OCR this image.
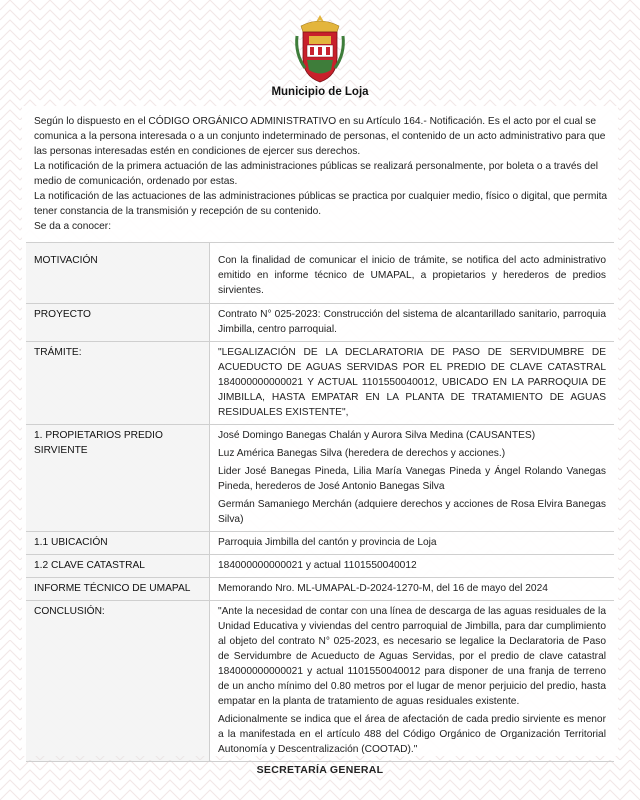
Municipio de Loja

Según lo dispuesto en el CÓDIGO ORGÁNICO ADMINISTRATIVO en su Artículo 164.- Notificación. Es el acto por el cual se comunica a la persona interesada o a un conjunto indeterminado de personas, el contenido de un acto administrativo para que las personas interesadas estén en condiciones de ejercer sus derechos.

La notificación de la primera actuación de las administraciones públicas se realizará personalmente, por boleta o a través del medio de comunicación, ordenado por estas.

La notificación de las actuaciones de las administraciones públicas se practica por cualquier medio, físico o digital, que permita tener constancia de la transmisión y recepción de su contenido.

Se da a conocer:

MOTIVACIÓN	Con la finalidad de comunicar el inicio de trámite, se notifica del acto administrativo emitido en informe técnico de UMAPAL, a propietarios y herederos de predios sirvientes.
PROYECTO	Contrato N° 025-2023: Construcción del sistema de alcantarillado sanitario, parroquia Jimbilla, centro parroquial.
TRÁMITE:	"LEGALIZACIÓN DE LA DECLARATORIA DE PASO DE SERVIDUMBRE DE ACUEDUCTO DE AGUAS SERVIDAS POR EL PREDIO DE CLAVE CATASTRAL 184000000000021 Y ACTUAL 1101550040012, UBICADO EN LA PARROQUIA DE JIMBILLA, HASTA EMPATAR EN LA PLANTA DE TRATAMIENTO DE AGUAS RESIDUALES EXISTENTE",
1. PROPIETARIOS PREDIO SIRVIENTE	José Domingo Banegas Chalán y Aurora Silva Medina (CAUSANTES)
Luz América Banegas Silva (herederа de derechos y acciones.)
Lider José Banegas Pineda, Lilia María Vanegas Pineda y Ángel Rolando Vanegas Pineda, herederos de José Antonio Banegas Silva
Germán Samaniego Merchán (adquiere derechos y acciones de Rosa Elvira Banegas Silva)

1.1 UBICACIÓN	Parroquia Jimbilla del cantón y provincia de Loja
1.2 CLAVE CATASTRAL	184000000000021 y actual 1101550040012
INFORME TÉCNICO DE UMAPAL	Memorando Nro. ML-UMAPAL-D-2024-1270-M, del 16 de mayo del 2024
CONCLUSIÓN:	"Ante la necesidad de contar con una línea de descarga de las aguas residuales de la Unidad Educativa y viviendas del centro parroquial de Jimbilla, para dar cumplimiento al objeto del contrato N° 025-2023, es necesario se legalice la Declaratoria de Paso de Servidumbre de Acueducto de Aguas Servidas, por el predio de clave catastral 184000000000021 y actual 1101550040012 para disponer de una franja de terreno de un ancho mínimo del 0.80 metros por el lugar de menor perjuicio del predio, hasta empatar en la planta de tratamiento de aguas residuales existente.
Adicionalmente se indica que el área de afectación de cada predio sirviente es menor a la manifestada en el artículo 488 del Código Orgánico de Organización Territorial Autonomía y Descentralización (COOTAD)."
SECRETARÍA GENERAL
